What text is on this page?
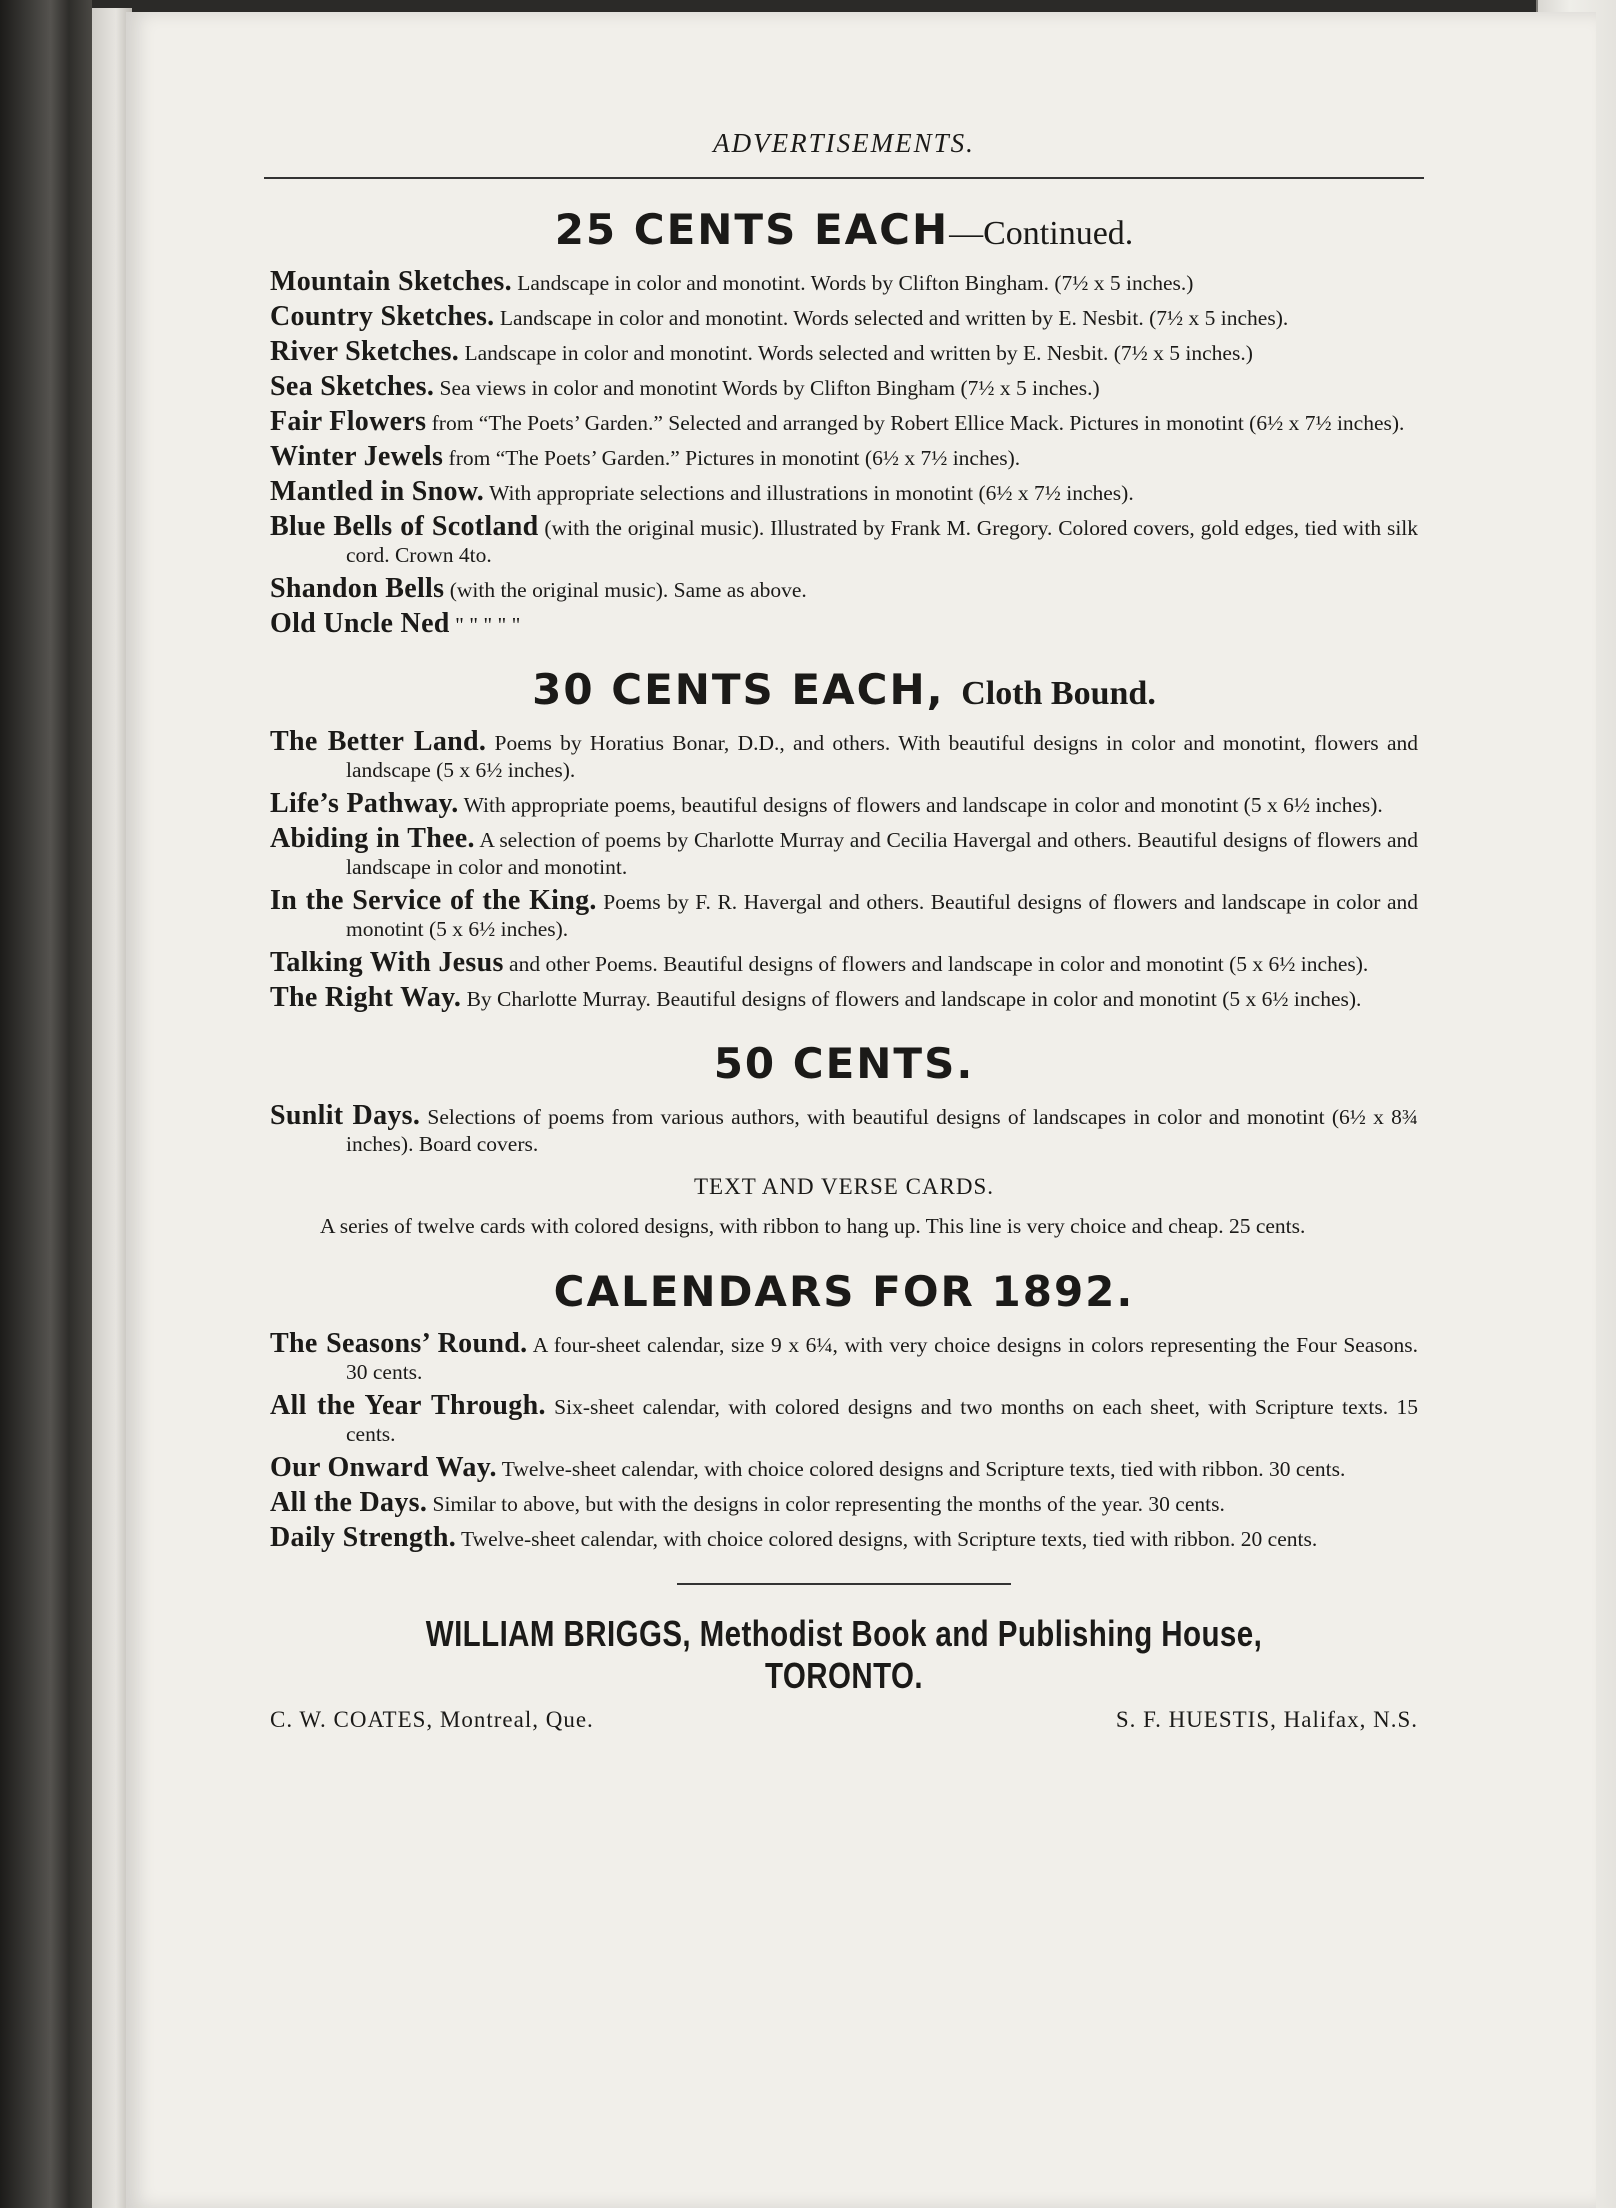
ADVERTISEMENTS.
25 CENTS EACH—Continued.
Mountain Sketches. Landscape in color and monotint. Words by Clifton Bingham. (7½ x 5 inches.)
Country Sketches. Landscape in color and monotint. Words selected and written by E. Nesbit. (7½ x 5 inches).
River Sketches. Landscape in color and monotint. Words selected and written by E. Nesbit. (7½ x 5 inches.)
Sea Sketches. Sea views in color and monotint Words by Clifton Bingham (7½ x 5 inches.)
Fair Flowers from “The Poets’ Garden.” Selected and arranged by Robert Ellice Mack. Pictures in monotint (6½ x 7½ inches).
Winter Jewels from “The Poets’ Garden.” Pictures in monotint (6½ x 7½ inches).
Mantled in Snow. With appropriate selections and illustrations in monotint (6½ x 7½ inches).
Blue Bells of Scotland (with the original music). Illustrated by Frank M. Gregory. Colored covers, gold edges, tied with silk cord. Crown 4to.
Shandon Bells (with the original music). Same as above.
Old Uncle Ned " " " " "
30 CENTS EACH, Cloth Bound.
The Better Land. Poems by Horatius Bonar, D.D., and others. With beautiful designs in color and monotint, flowers and landscape (5 x 6½ inches).
Life’s Pathway. With appropriate poems, beautiful designs of flowers and landscape in color and monotint (5 x 6½ inches).
Abiding in Thee. A selection of poems by Charlotte Murray and Cecilia Havergal and others. Beautiful designs of flowers and landscape in color and monotint.
In the Service of the King. Poems by F. R. Havergal and others. Beautiful designs of flowers and landscape in color and monotint (5 x 6½ inches).
Talking With Jesus and other Poems. Beautiful designs of flowers and landscape in color and monotint (5 x 6½ inches).
The Right Way. By Charlotte Murray. Beautiful designs of flowers and landscape in color and monotint (5 x 6½ inches).
50 CENTS.
Sunlit Days. Selections of poems from various authors, with beautiful designs of landscapes in color and monotint (6½ x 8¾ inches). Board covers.
TEXT AND VERSE CARDS.
A series of twelve cards with colored designs, with ribbon to hang up. This line is very choice and cheap. 25 cents.
CALENDARS FOR 1892.
The Seasons’ Round. A four-sheet calendar, size 9 x 6¼, with very choice designs in colors representing the Four Seasons. 30 cents.
All the Year Through. Six-sheet calendar, with colored designs and two months on each sheet, with Scripture texts. 15 cents.
Our Onward Way. Twelve-sheet calendar, with choice colored designs and Scripture texts, tied with ribbon. 30 cents.
All the Days. Similar to above, but with the designs in color representing the months of the year. 30 cents.
Daily Strength. Twelve-sheet calendar, with choice colored designs, with Scripture texts, tied with ribbon. 20 cents.
WILLIAM BRIGGS, Methodist Book and Publishing House, TORONTO.
C. W. COATES, Montreal, Que.	S. F. HUESTIS, Halifax, N.S.
